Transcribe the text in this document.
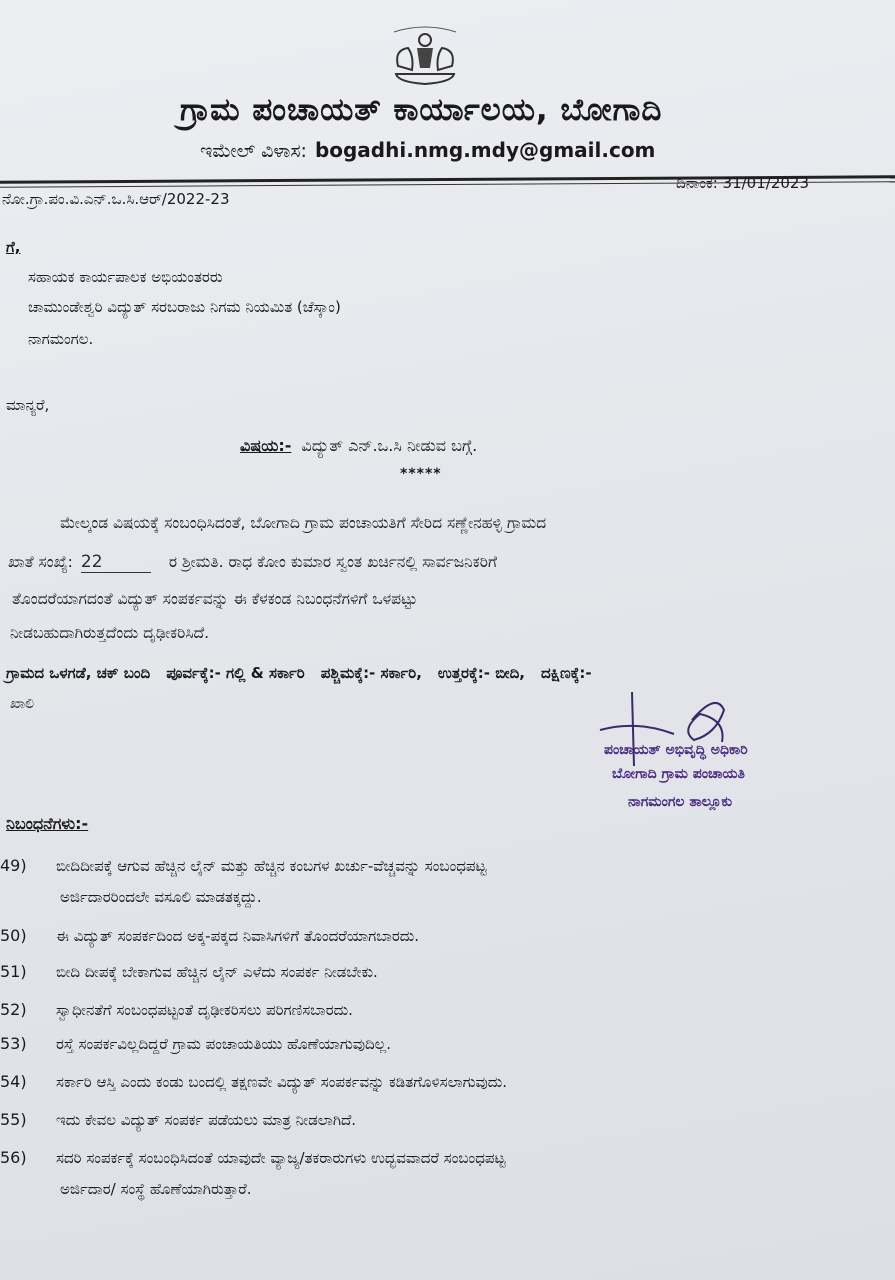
ಗ್ರಾಮ ಪಂಚಾಯತ್ ಕಾರ್ಯಾಲಯ, ಬೋಗಾದಿ
ಇಮೇಲ್ ವಿಳಾಸ: bogadhi.nmg.mdy@gmail.com
ನೋ.ಗ್ರಾ.ಪಂ.ವಿ.ಎನ್.ಒ.ಸಿ.ಆರ್/2022-23
ದಿನಾಂಕ: 31/01/2023
ಗೆ,
ಸಹಾಯಕ ಕಾರ್ಯಪಾಲಕ ಅಭಿಯಂತರರು
ಚಾಮುಂಡೇಶ್ವರಿ ವಿದ್ಯುತ್ ಸರಬರಾಜು ನಿಗಮ ನಿಯಮಿತ (ಚೆಸ್ಕಾಂ)
ನಾಗಮಂಗಲ.
ಮಾನ್ಯರೆ,
ವಿಷಯ:- ವಿದ್ಯುತ್ ಎನ್.ಒ.ಸಿ ನೀಡುವ ಬಗ್ಗೆ.
*****
ಮೇಲ್ಕಂಡ ವಿಷಯಕ್ಕೆ ಸಂಬಂಧಿಸಿದಂತೆ, ಬೋಗಾದಿ ಗ್ರಾಮ ಪಂಚಾಯತಿಗೆ ಸೇರಿದ ಸಣ್ಣೇನಹಳ್ಳಿ ಗ್ರಾಮದ
ಖಾತೆ ಸಂಖ್ಯೆ: 22	ರ ಶ್ರೀಮತಿ. ರಾಧ ಕೋಂ ಕುಮಾರ ಸ್ವಂತ ಖರ್ಚಿನಲ್ಲಿ ಸಾರ್ವಜನಿಕರಿಗೆ
ತೊಂದರೆಯಾಗದಂತೆ ವಿದ್ಯುತ್ ಸಂಪರ್ಕವನ್ನು ಈ ಕೆಳಕಂಡ ನಿಬಂಧನೆಗಳಿಗೆ ಒಳಪಟ್ಟು
ನೀಡಬಹುದಾಗಿರುತ್ತದೆಂದು ದೃಢೀಕರಿಸಿದೆ.
ಗ್ರಾಮದ ಒಳಗಡೆ, ಚಕ್ ಬಂದಿ ಪೂರ್ವಕ್ಕೆ:- ಗಲ್ಲಿ & ಸರ್ಕಾರಿ ಪಶ್ಚಿಮಕ್ಕೆ:- ಸರ್ಕಾರಿ, ಉತ್ತರಕ್ಕೆ:- ಬೀದಿ, ದಕ್ಷಿಣಕ್ಕೆ:-
ಖಾಲಿ
ಪಂಚಾಯತ್ ಅಭಿವೃದ್ಧಿ ಅಧಿಕಾರಿ
ಬೋಗಾದಿ ಗ್ರಾಮ ಪಂಚಾಯತಿ
ನಾಗಮಂಗಲ ತಾಲ್ಲೂಕು
ನಿಬಂಧನೆಗಳು:-
49) ಬೀದಿದೀಪಕ್ಕೆ ಆಗುವ ಹೆಚ್ಚಿನ ಲೈನ್ ಮತ್ತು ಹೆಚ್ಚಿನ ಕಂಬಗಳ ಖರ್ಚು-ವೆಚ್ಚವನ್ನು ಸಂಬಂಧಪಟ್ಟ
ಅರ್ಜಿದಾರರಿಂದಲೇ ವಸೂಲಿ ಮಾಡತಕ್ಕದ್ದು.
50) ಈ ವಿದ್ಯುತ್ ಸಂಪರ್ಕದಿಂದ ಅಕ್ಕ-ಪಕ್ಕದ ನಿವಾಸಿಗಳಿಗೆ ತೊಂದರೆಯಾಗಬಾರದು.
51) ಬೀದಿ ದೀಪಕ್ಕೆ ಬೇಕಾಗುವ ಹೆಚ್ಚಿನ ಲೈನ್ ಎಳೆದು ಸಂಪರ್ಕ ನೀಡಬೇಕು.
52) ಸ್ವಾಧೀನತೆಗೆ ಸಂಬಂಧಪಟ್ಟಂತೆ ದೃಢೀಕರಿಸಲು ಪರಿಗಣಿಸಬಾರದು.
53) ರಸ್ತೆ ಸಂಪರ್ಕವಿಲ್ಲದಿದ್ದರೆ ಗ್ರಾಮ ಪಂಚಾಯತಿಯು ಹೊಣೆಯಾಗುವುದಿಲ್ಲ.
54) ಸರ್ಕಾರಿ ಆಸ್ತಿ ಎಂದು ಕಂಡು ಬಂದಲ್ಲಿ ತಕ್ಷಣವೇ ವಿದ್ಯುತ್ ಸಂಪರ್ಕವನ್ನು ಕಡಿತಗೊಳಿಸಲಾಗುವುದು.
55) ಇದು ಕೇವಲ ವಿದ್ಯುತ್ ಸಂಪರ್ಕ ಪಡೆಯಲು ಮಾತ್ರ ನೀಡಲಾಗಿದೆ.
56) ಸದರಿ ಸಂಪರ್ಕಕ್ಕೆ ಸಂಬಂಧಿಸಿದಂತೆ ಯಾವುದೇ ವ್ಯಾಜ್ಯ/ತಕರಾರುಗಳು ಉದ್ಭವವಾದರೆ ಸಂಬಂಧಪಟ್ಟ
ಅರ್ಜಿದಾರ/ ಸಂಸ್ಥೆ ಹೊಣೆಯಾಗಿರುತ್ತಾರೆ.
